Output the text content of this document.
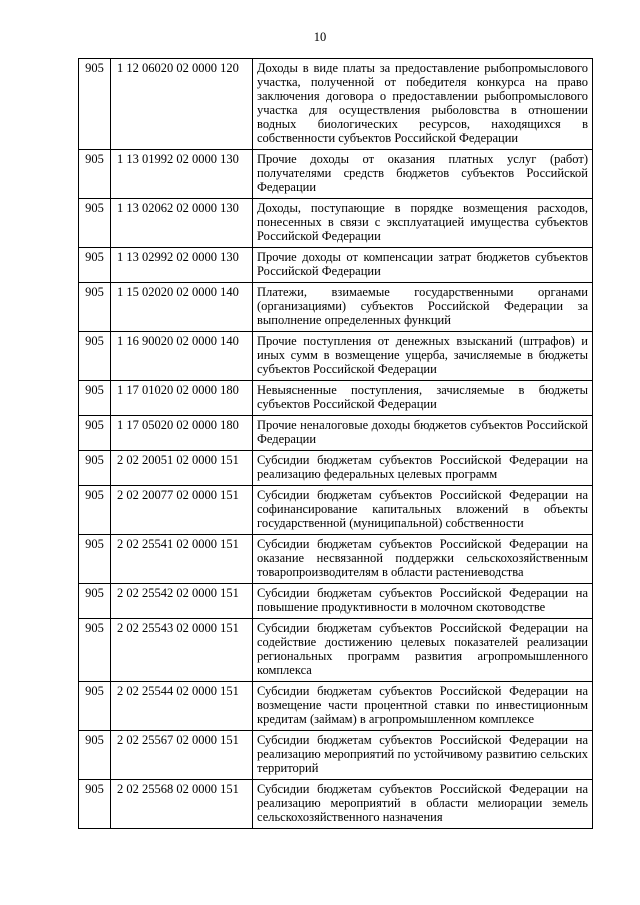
10
905	1 12 06020 02 0000 120	Доходы в виде платы за предоставление рыбопромыслового участка, полученной от победителя конкурса на право заключения договора о предоставлении рыбопромыслового участка для осуществления рыболовства в отношении водных биологических ресурсов, находящихся в собственности субъектов Российской Федерации
905	1 13 01992 02 0000 130	Прочие доходы от оказания платных услуг (работ) получателями средств бюджетов субъектов Российской Федерации
905	1 13 02062 02 0000 130	Доходы, поступающие в порядке возмещения расходов, понесенных в связи с эксплуатацией имущества субъектов Российской Федерации
905	1 13 02992 02 0000 130	Прочие доходы от компенсации затрат бюджетов субъектов Российской Федерации
905	1 15 02020 02 0000 140	Платежи, взимаемые государственными органами (организациями) субъектов Российской Федерации за выполнение определенных функций
905	1 16 90020 02 0000 140	Прочие поступления от денежных взысканий (штрафов) и иных сумм в возмещение ущерба, зачисляемые в бюджеты субъектов Российской Федерации
905	1 17 01020 02 0000 180	Невыясненные поступления, зачисляемые в бюджеты субъектов Российской Федерации
905	1 17 05020 02 0000 180	Прочие неналоговые доходы бюджетов субъектов Российской Федерации
905	2 02 20051 02 0000 151	Субсидии бюджетам субъектов Российской Федерации на реализацию федеральных целевых программ
905	2 02 20077 02 0000 151	Субсидии бюджетам субъектов Российской Федерации на софинансирование капитальных вложений в объекты государственной (муниципальной) собственности
905	2 02 25541 02 0000 151	Субсидии бюджетам субъектов Российской Федерации на оказание несвязанной поддержки сельскохозяйственным товаропроизводителям в области растениеводства
905	2 02 25542 02 0000 151	Субсидии бюджетам субъектов Российской Федерации на повышение продуктивности в молочном скотоводстве
905	2 02 25543 02 0000 151	Субсидии бюджетам субъектов Российской Федерации на содействие достижению целевых показателей реализации региональных программ развития агропромышленного комплекса
905	2 02 25544 02 0000 151	Субсидии бюджетам субъектов Российской Федерации на возмещение части процентной ставки по инвестиционным кредитам (займам) в агропромышленном комплексе
905	2 02 25567 02 0000 151	Субсидии бюджетам субъектов Российской Федерации на реализацию мероприятий по устойчивому развитию сельских территорий
905	2 02 25568 02 0000 151	Субсидии бюджетам субъектов Российской Федерации на реализацию мероприятий в области мелиорации земель сельскохозяйственного назначения
